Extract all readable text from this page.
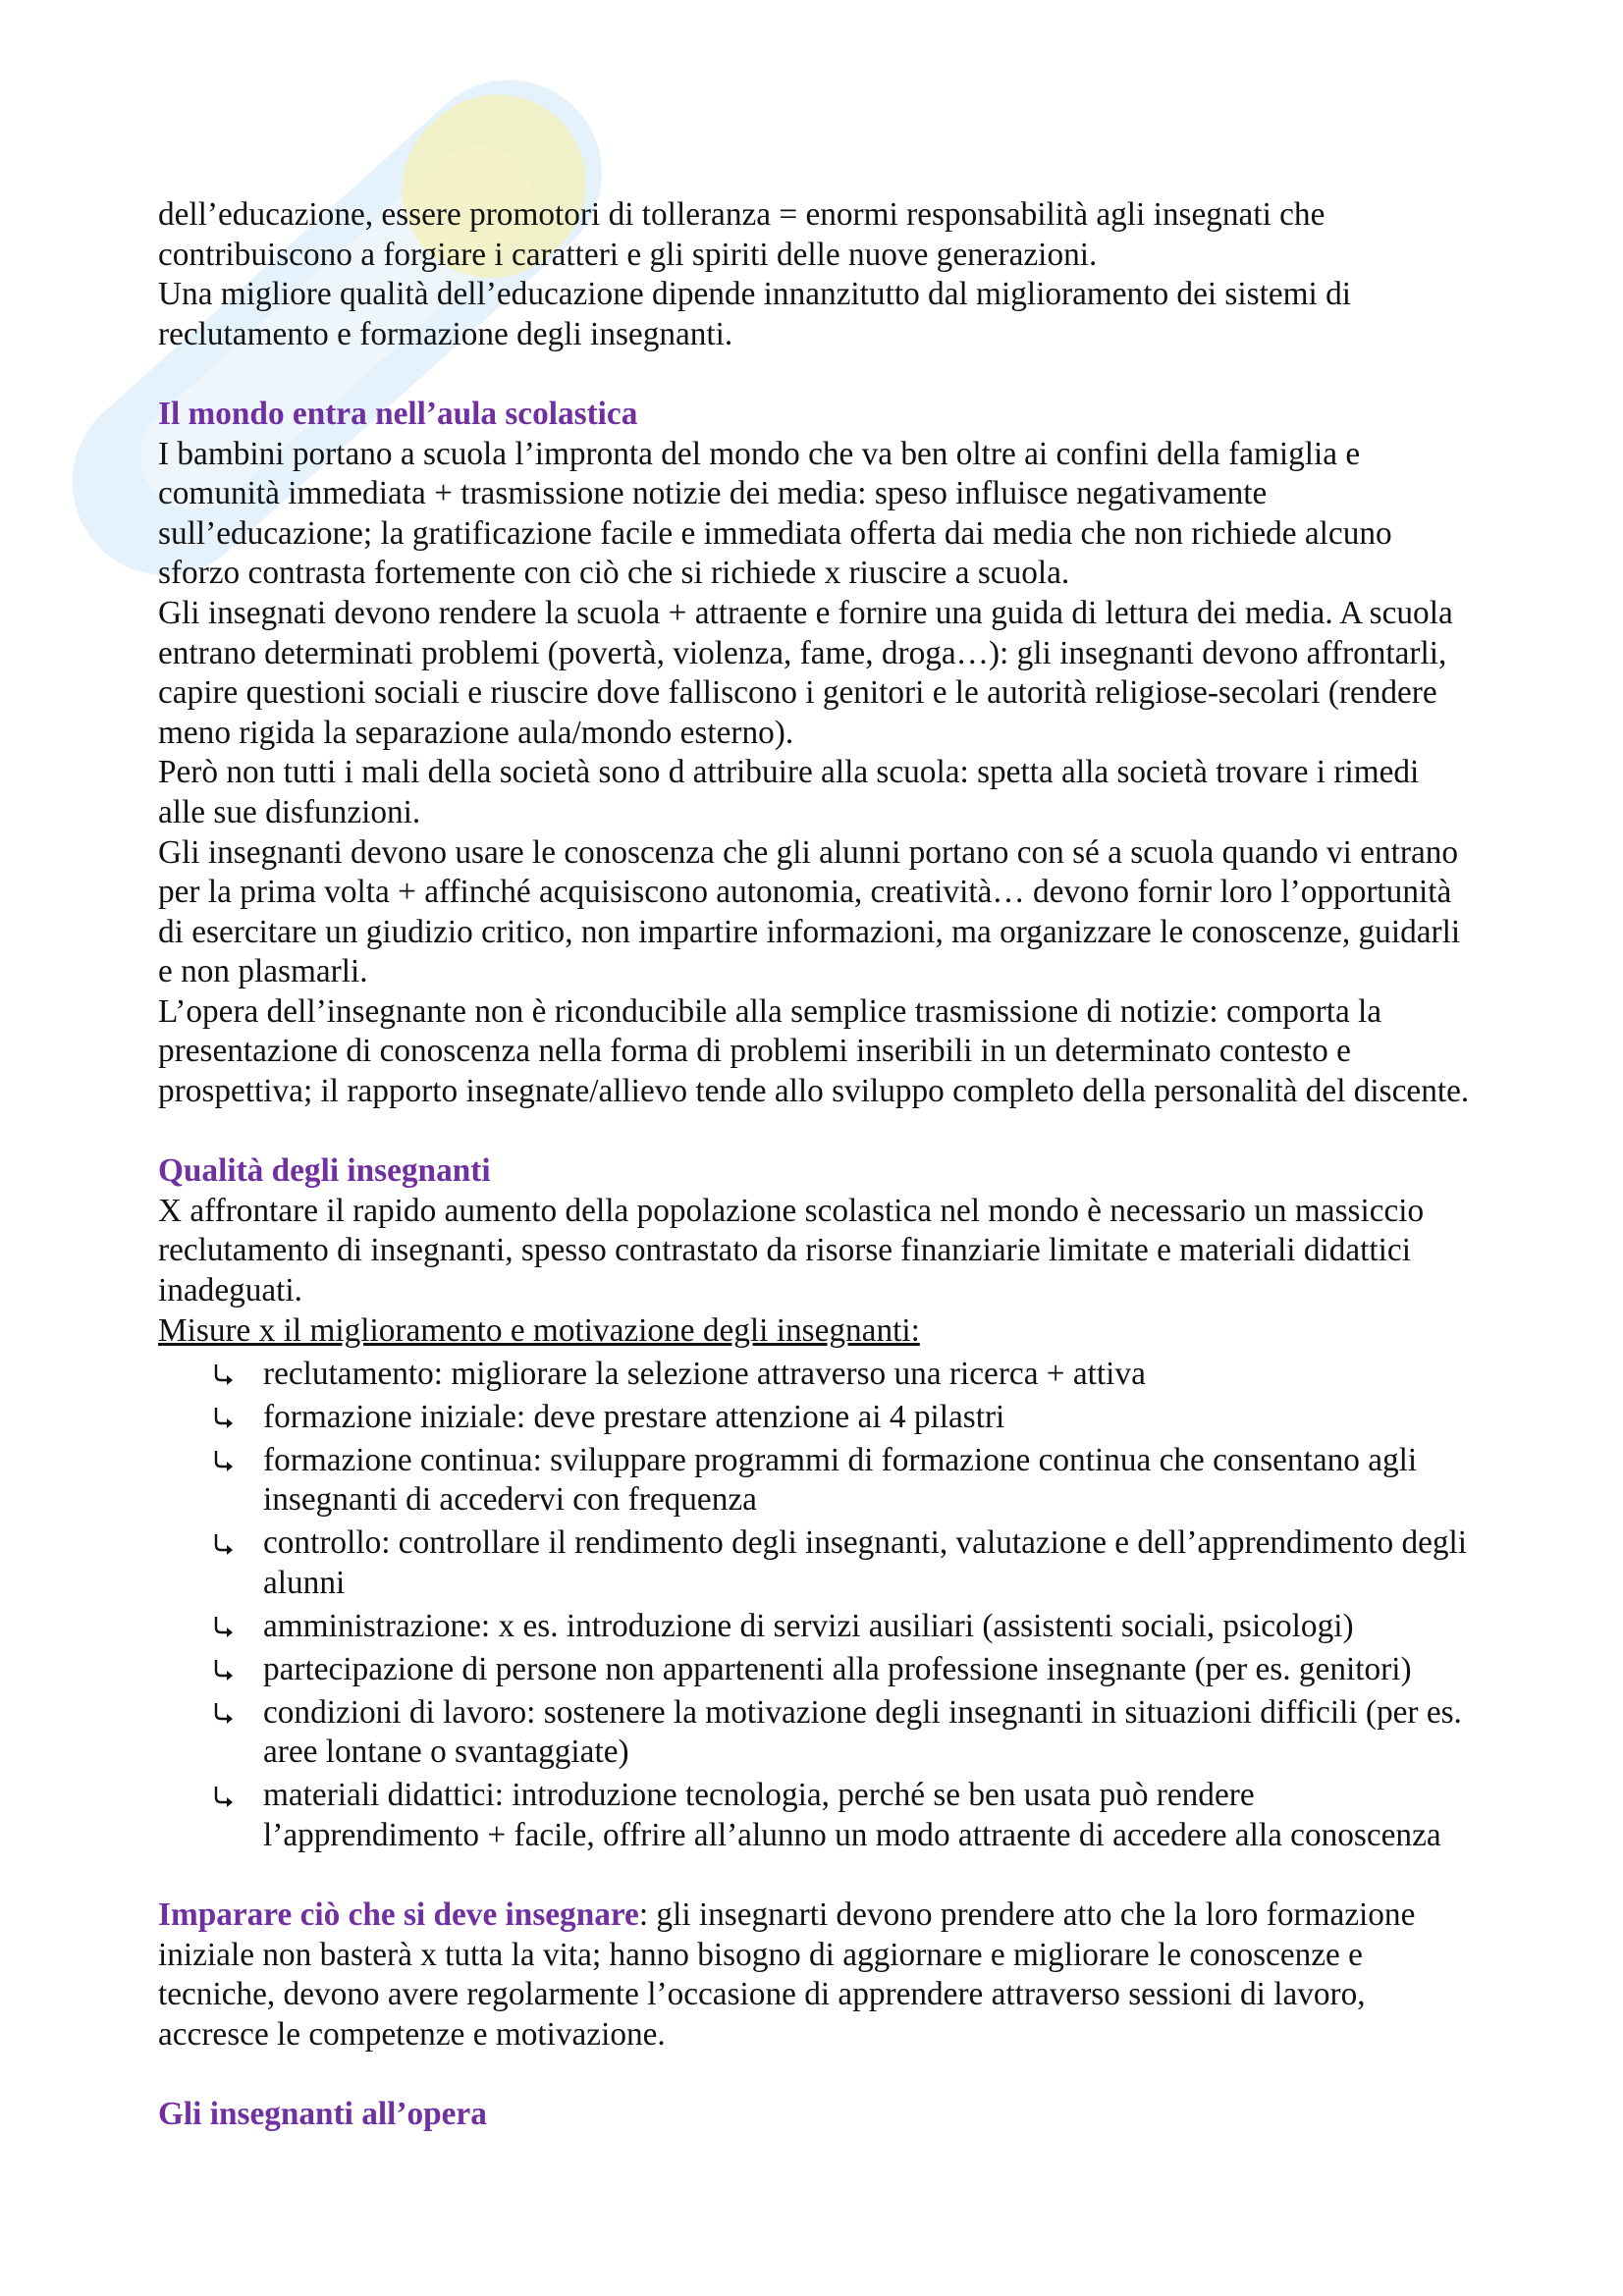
dell’educazione, essere promotori di tolleranza = enormi responsabilità agli insegnati che
contribuiscono a forgiare i caratteri e gli spiriti delle nuove generazioni.
Una migliore qualità dell’educazione dipende innanzitutto dal miglioramento dei sistemi di
reclutamento e formazione degli insegnanti.
Il mondo entra nell’aula scolastica
I bambini portano a scuola l’impronta del mondo che va ben oltre ai confini della famiglia e
comunità immediata + trasmissione notizie dei media: speso influisce negativamente
sull’educazione; la gratificazione facile e immediata offerta dai media che non richiede alcuno
sforzo contrasta fortemente con ciò che si richiede x riuscire a scuola.
Gli insegnati devono rendere la scuola + attraente e fornire una guida di lettura dei media. A scuola
entrano determinati problemi (povertà, violenza, fame, droga…): gli insegnanti devono affrontarli,
capire questioni sociali e riuscire dove falliscono i genitori e le autorità religiose-secolari (rendere
meno rigida la separazione aula/mondo esterno).
Però non tutti i mali della società sono d attribuire alla scuola: spetta alla società trovare i rimedi
alle sue disfunzioni.
Gli insegnanti devono usare le conoscenza che gli alunni portano con sé a scuola quando vi entrano
per la prima volta + affinché acquisiscono autonomia, creatività… devono fornir loro l’opportunità
di esercitare un giudizio critico, non impartire informazioni, ma organizzare le conoscenze, guidarli
e non plasmarli.
L’opera dell’insegnante non è riconducibile alla semplice trasmissione di notizie: comporta la
presentazione di conoscenza nella forma di problemi inseribili in un determinato contesto e
prospettiva; il rapporto insegnate/allievo tende allo sviluppo completo della personalità del discente.
Qualità degli insegnanti
X affrontare il rapido aumento della popolazione scolastica nel mondo è necessario un massiccio
reclutamento di insegnanti, spesso contrastato da risorse finanziarie limitate e materiali didattici
inadeguati.
Misure x il miglioramento e motivazione degli insegnanti:
reclutamento: migliorare la selezione attraverso una ricerca + attiva
formazione iniziale: deve prestare attenzione ai 4 pilastri
formazione continua: sviluppare programmi di formazione continua che consentano agli
insegnanti di accedervi con frequenza
controllo: controllare il rendimento degli insegnanti, valutazione e dell’apprendimento degli
alunni
amministrazione: x es. introduzione di servizi ausiliari (assistenti sociali, psicologi)
partecipazione di persone non appartenenti alla professione insegnante (per es. genitori)
condizioni di lavoro: sostenere la motivazione degli insegnanti in situazioni difficili (per es.
aree lontane o svantaggiate)
materiali didattici: introduzione tecnologia, perché se ben usata può rendere
l’apprendimento + facile, offrire all’alunno un modo attraente di accedere alla conoscenza
Imparare ciò che si deve insegnare: gli insegnarti devono prendere atto che la loro formazione
iniziale non basterà x tutta la vita; hanno bisogno di aggiornare e migliorare le conoscenze e
tecniche, devono avere regolarmente l’occasione di apprendere attraverso sessioni di lavoro,
accresce le competenze e motivazione.
Gli insegnanti all’opera
